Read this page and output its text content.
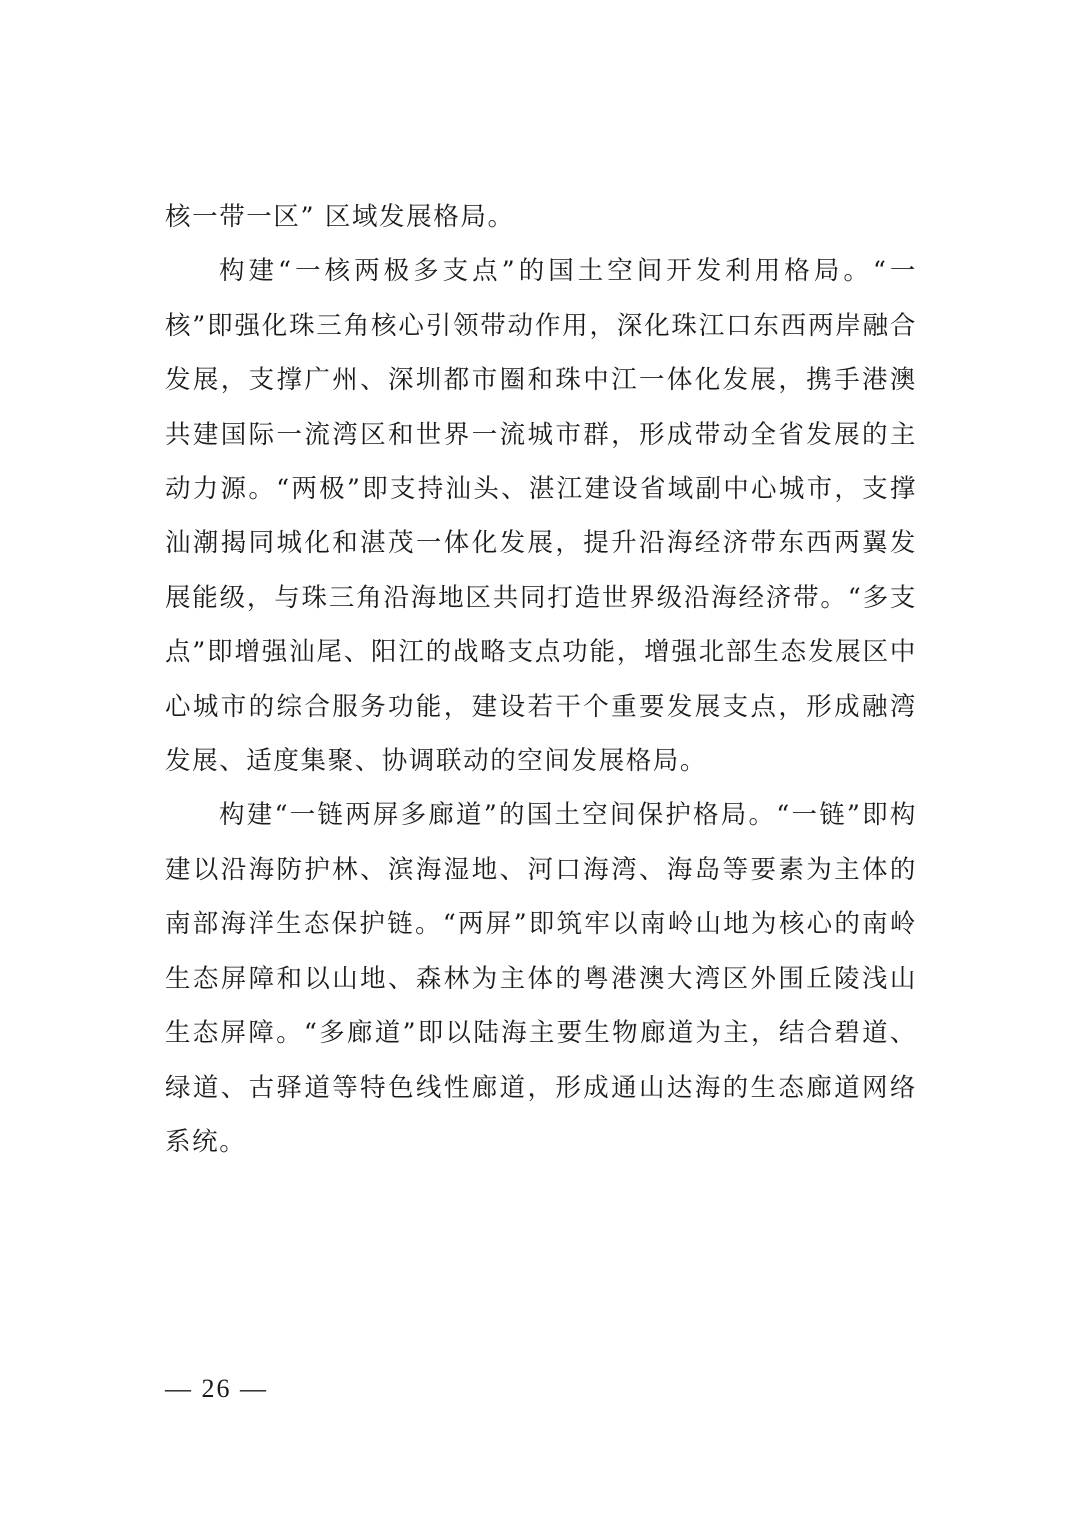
核一带一区” 区域发展格局。

构建“一核两极多支点”的国土空间开发利用格局。“一核”即强化珠三角核心引领带动作用，深化珠江口东西两岸融合发展，支撑广州、深圳都市圈和珠中江一体化发展，携手港澳共建国际一流湾区和世界一流城市群，形成带动全省发展的主动力源。“两极”即支持汕头、湛江建设省域副中心城市，支撑汕潮揭同城化和湛茂一体化发展，提升沿海经济带东西两翼发展能级，与珠三角沿海地区共同打造世界级沿海经济带。“多支点”即增强汕尾、阳江的战略支点功能，增强北部生态发展区中心城市的综合服务功能，建设若干个重要发展支点，形成融湾发展、适度集聚、协调联动的空间发展格局。

构建“一链两屏多廊道”的国土空间保护格局。“一链”即构建以沿海防护林、滨海湿地、河口海湾、海岛等要素为主体的南部海洋生态保护链。“两屏”即筑牢以南岭山地为核心的南岭生态屏障和以山地、森林为主体的粤港澳大湾区外围丘陵浅山生态屏障。“多廊道”即以陆海主要生物廊道为主，结合碧道、绿道、古驿道等特色线性廊道，形成通山达海的生态廊道网络系统。

— 26 —
